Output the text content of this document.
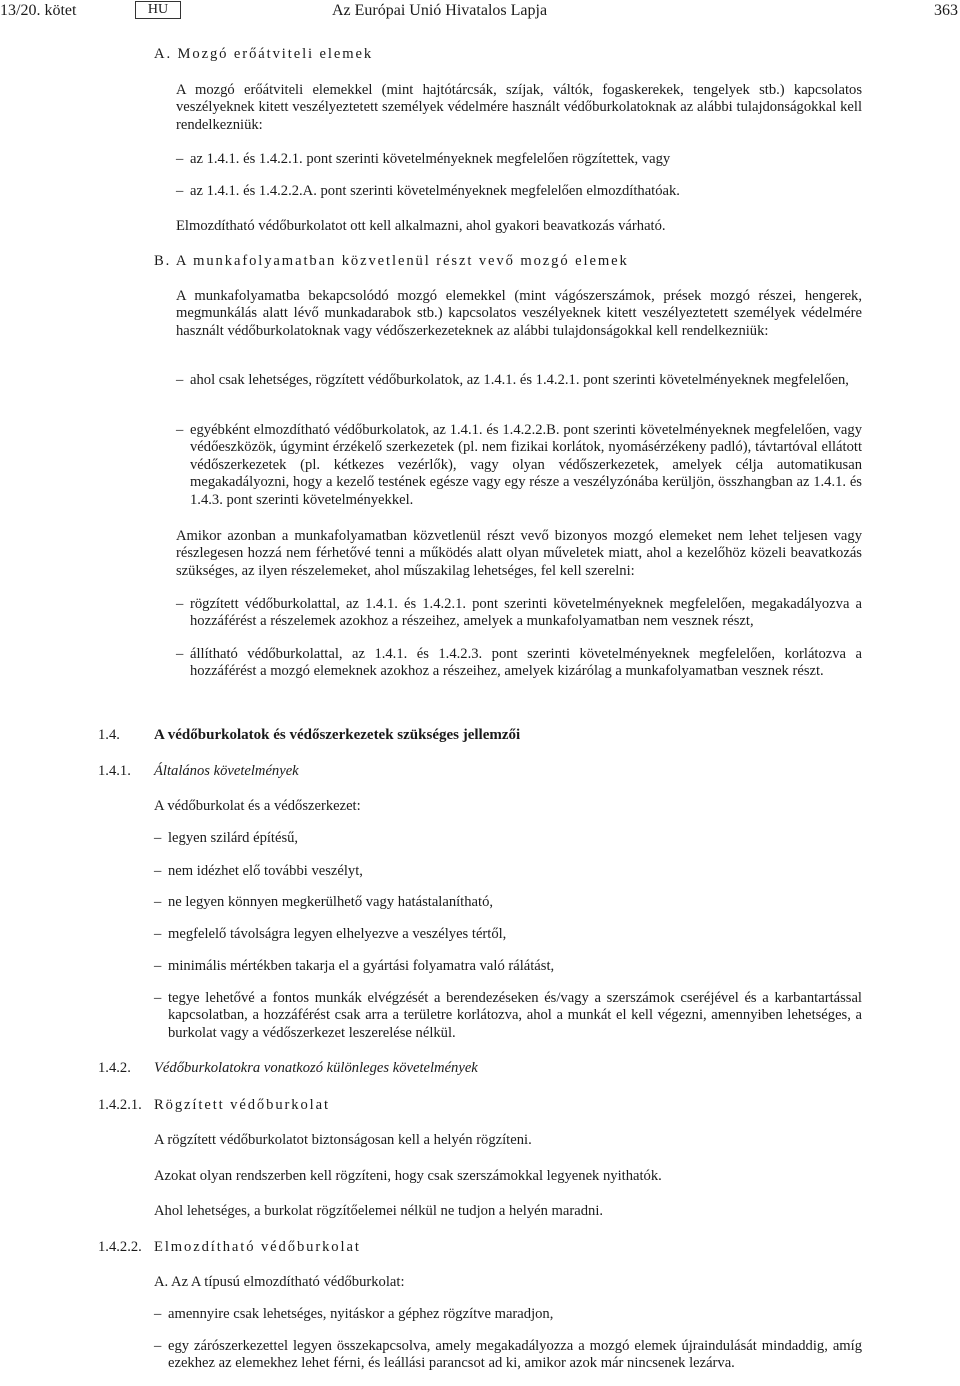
13/20. kötet	HU	Az Európai Unió Hivatalos Lapja	363
A. Mozgó erőátviteli elemek
A mozgó erőátviteli elemekkel (mint hajtótárcsák, szíjak, váltók, fogaskerekek, tengelyek stb.) kapcsolatos veszélyeknek kitett veszélyeztetett személyek védelmére használt védőburkolatoknak az alábbi tulajdonságokkal kell rendelkezniük:
– az 1.4.1. és 1.4.2.1. pont szerinti követelményeknek megfelelően rögzítettek, vagy
– az 1.4.1. és 1.4.2.2.A. pont szerinti követelményeknek megfelelően elmozdíthatóak.
Elmozdítható védőburkolatot ott kell alkalmazni, ahol gyakori beavatkozás várható.
B. A munkafolyamatban közvetlenül részt vevő mozgó elemek
A munkafolyamatba bekapcsolódó mozgó elemekkel (mint vágószerszámok, prések mozgó részei, hengerek, megmunkálás alatt lévő munkadarabok stb.) kapcsolatos veszélyeknek kitett veszélyeztetett személyek védelmére használt védőburkolatoknak vagy védőszerkezeteknek az alábbi tulajdonságokkal kell rendelkezniük:
– ahol csak lehetséges, rögzített védőburkolatok, az 1.4.1. és 1.4.2.1. pont szerinti követelményeknek megfelelően,
– egyébként elmozdítható védőburkolatok, az 1.4.1. és 1.4.2.2.B. pont szerinti követelményeknek megfelelően, vagy védőeszközök, úgymint érzékelő szerkezetek (pl. nem fizikai korlátok, nyomásérzékeny padló), távtartóval ellátott védőszerkezetek (pl. kétkezes vezérlők), vagy olyan védőszerkezetek, amelyek célja automatikusan megakadályozni, hogy a kezelő testének egésze vagy egy része a veszélyzónába kerüljön, összhangban az 1.4.1. és 1.4.3. pont szerinti követelményekkel.
Amikor azonban a munkafolyamatban közvetlenül részt vevő bizonyos mozgó elemeket nem lehet teljesen vagy részlegesen hozzá nem férhetővé tenni a működés alatt olyan műveletek miatt, ahol a kezelőhöz közeli beavatkozás szükséges, az ilyen részelemeket, ahol műszakilag lehetséges, fel kell szerelni:
– rögzített védőburkolattal, az 1.4.1. és 1.4.2.1. pont szerinti követelményeknek megfelelően, megakadályozva a hozzáférést a részelemek azokhoz a részeihez, amelyek a munkafolyamatban nem vesznek részt,
– állítható védőburkolattal, az 1.4.1. és 1.4.2.3. pont szerinti követelményeknek megfelelően, korlátozva a hozzáférést a mozgó elemeknek azokhoz a részeihez, amelyek kizárólag a munkafolyamatban vesznek részt.
1.4. A védőburkolatok és védőszerkezetek szükséges jellemzői
1.4.1. Általános követelmények
A védőburkolat és a védőszerkezet:
– legyen szilárd építésű,
– nem idézhet elő további veszélyt,
– ne legyen könnyen megkerülhető vagy hatástalanítható,
– megfelelő távolságra legyen elhelyezve a veszélyes tértől,
– minimális mértékben takarja el a gyártási folyamatra való rálátást,
– tegye lehetővé a fontos munkák elvégzését a berendezéseken és/vagy a szerszámok cseréjével és a karbantartással kapcsolatban, a hozzáférést csak arra a területre korlátozva, ahol a munkát el kell végezni, amennyiben lehetséges, a burkolat vagy a védőszerkezet leszerelése nélkül.
1.4.2. Védőburkolatokra vonatkozó különleges követelmények
1.4.2.1. Rögzített védőburkolat
A rögzített védőburkolatot biztonságosan kell a helyén rögzíteni.
Azokat olyan rendszerben kell rögzíteni, hogy csak szerszámokkal legyenek nyithatók.
Ahol lehetséges, a burkolat rögzítőelemei nélkül ne tudjon a helyén maradni.
1.4.2.2. Elmozdítható védőburkolat
A. Az A típusú elmozdítható védőburkolat:
– amennyire csak lehetséges, nyitáskor a géphez rögzítve maradjon,
– egy zárószerkezettel legyen összekapcsolva, amely megakadályozza a mozgó elemek újraindulását mindaddig, amíg ezekhez az elemekhez lehet férni, és leállási parancsot ad ki, amikor azok már nincsenek lezárva.
